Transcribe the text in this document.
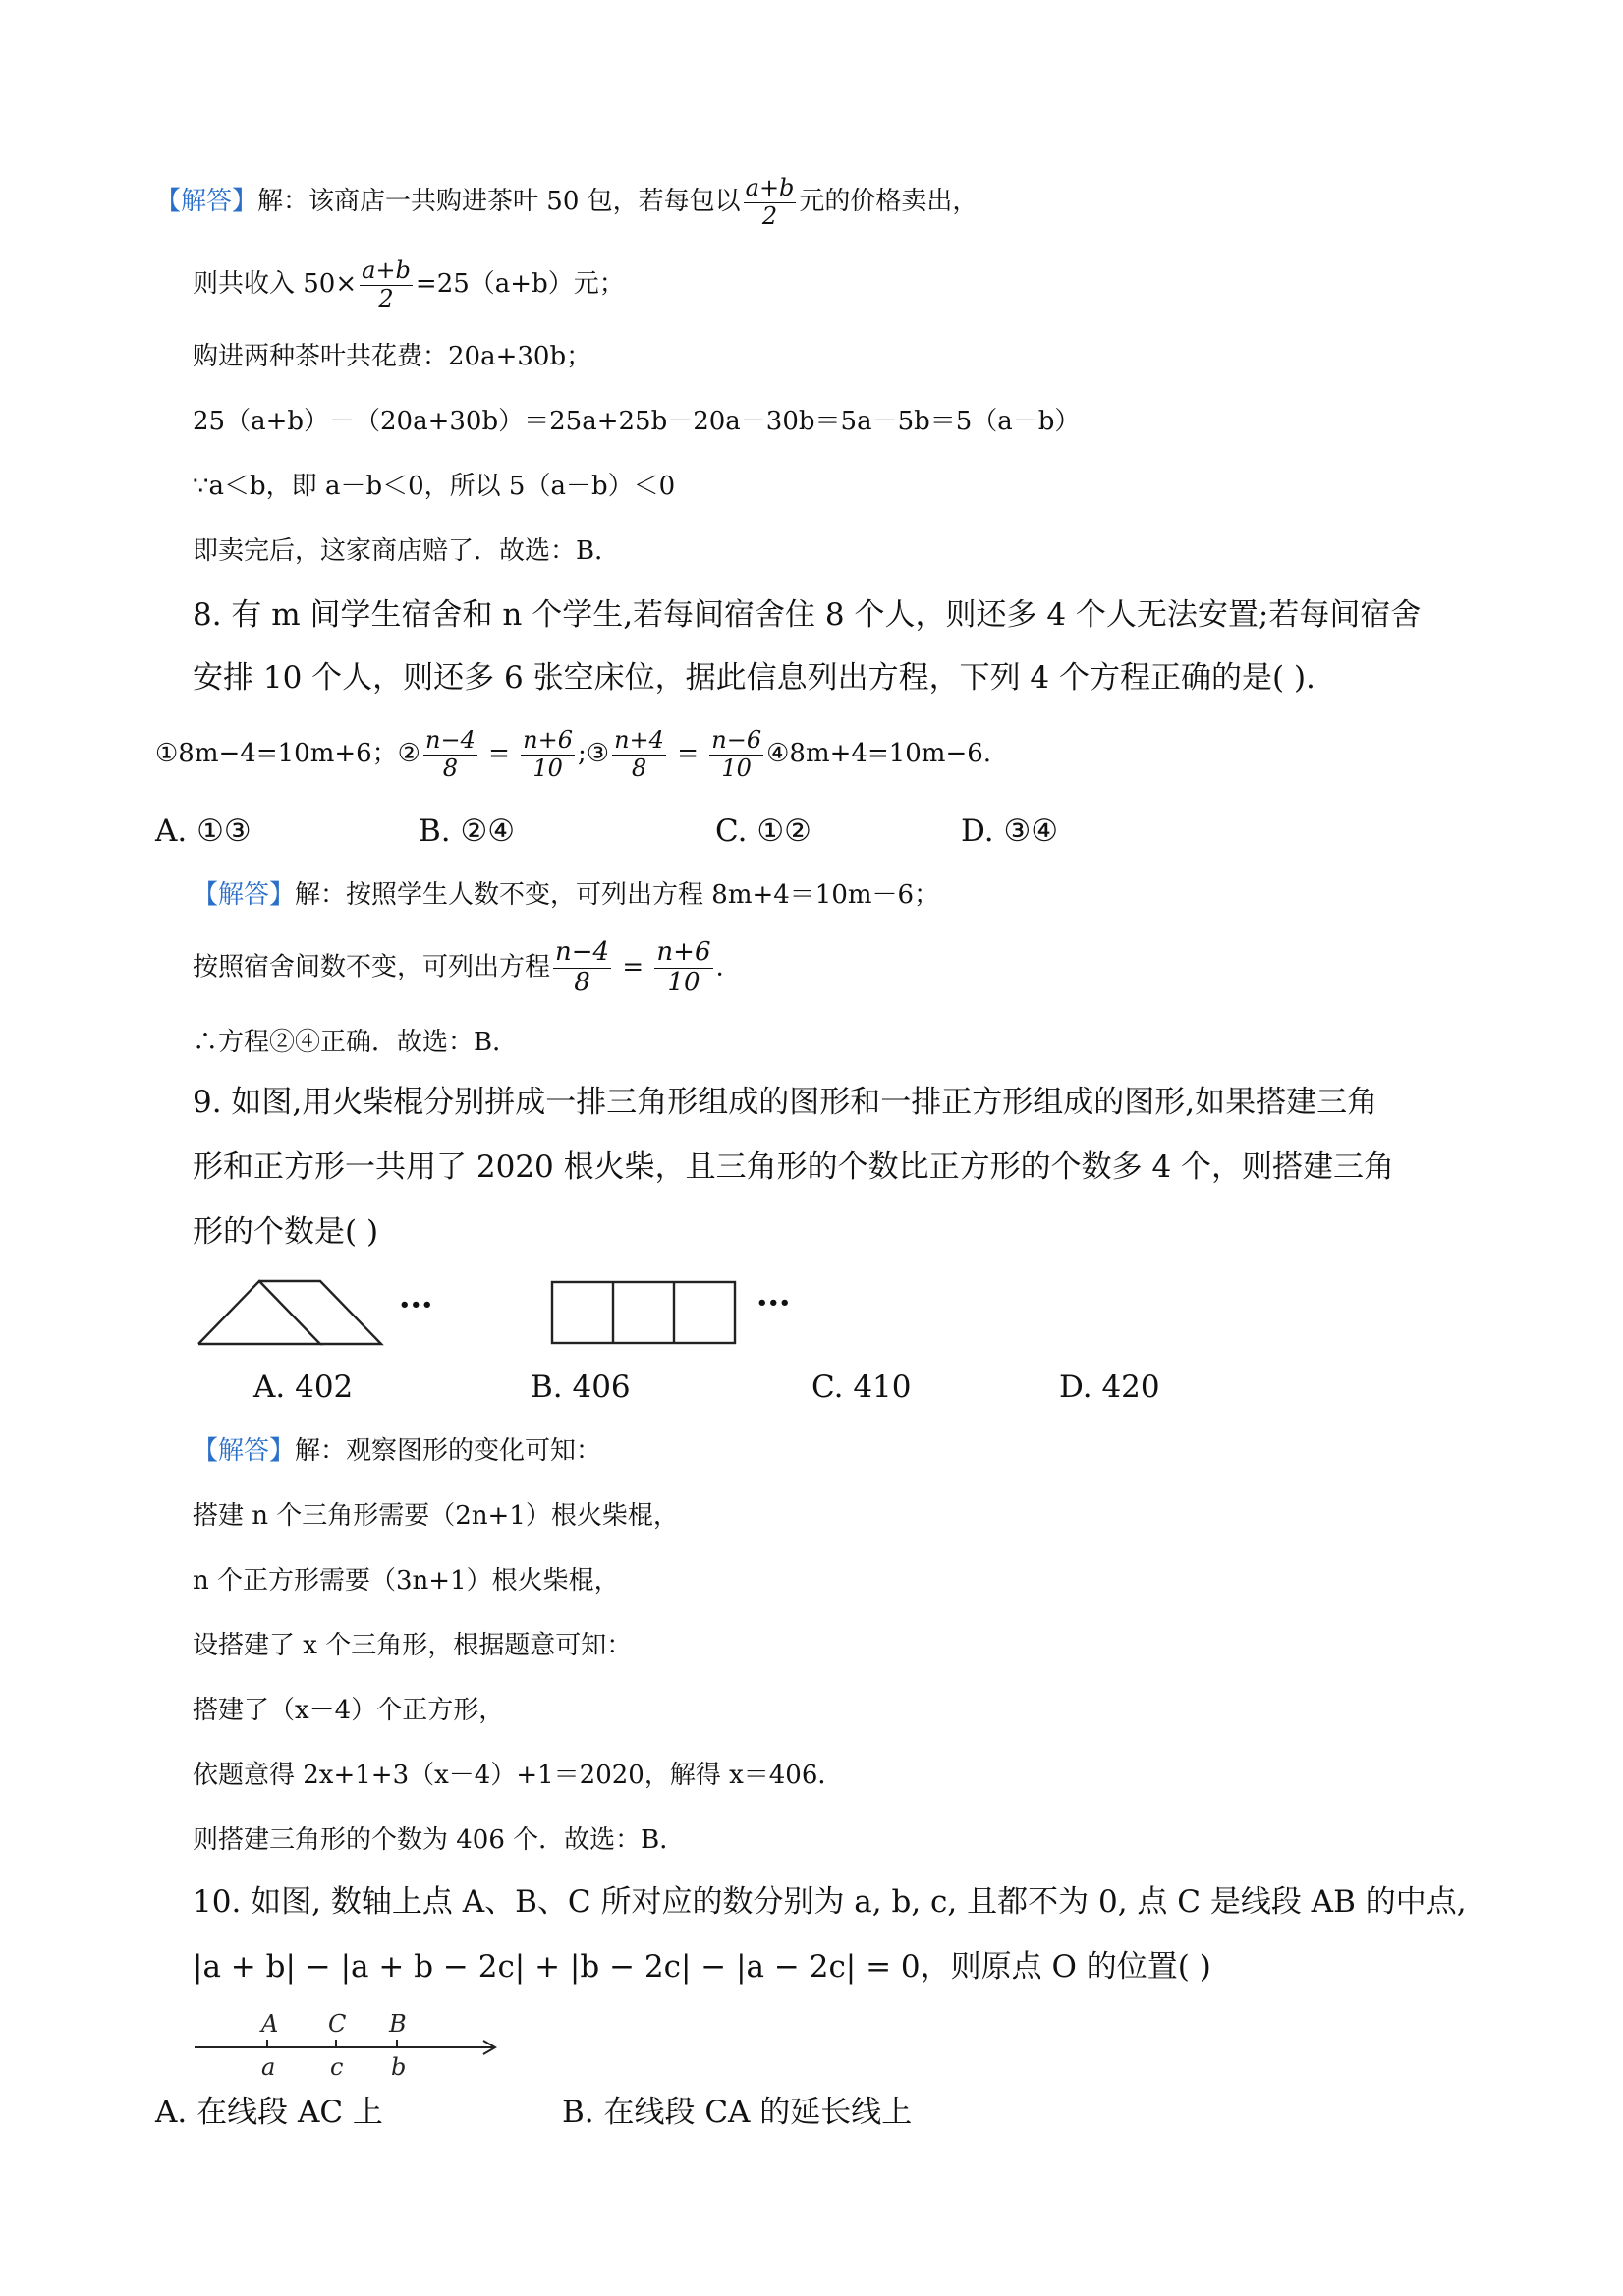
【解答】解：该商店一共购进茶叶 50 包，若每包以 $\frac{a+b}{2}$ 元的价格卖出，
则共收入 $50\times \frac{a+b}{2} =25(a+b)$元；
购进两种茶叶共花费：20a+30b；
25（a+b）－（20a+30b）＝25a+25b－20a－30b＝5a－5b＝5（a－b）
∵a＜b，即 a－b＜0，所以 5（a－b）＜0
即卖完后，这家商店赔了．故选：B．
8. 有 m 间学生宿舍和 n 个学生,若每间宿舍住 8 个人，则还多 4 个人无法安置;若每间宿舍
安排 10 个人，则还多 6 张空床位，据此信息列出方程，下列 4 个方程正确的是( ).
①8m−4=10m+6；② $\frac{n-4}{8} = \frac{n+6}{10}$ ;③ $\frac{n+4}{8} = \frac{n-6}{10}$ ④8m+4=10m−6.
A. ①③	B. ②④	C. ①②	D. ③④
【解答】解：按照学生人数不变，可列出方程 8m+4＝10m－6；
按照宿舍间数不变，可列出方程 $\frac{n-4}{8} = \frac{n+6}{10}$ .
∴方程②④正确．故选：B．
9. 如图,用火柴棍分别拼成一排三角形组成的图形和一排正方形组成的图形,如果搭建三角
形和正方形一共用了 2020 根火柴，且三角形的个数比正方形的个数多 4 个，则搭建三角
形的个数是( )
•••	•••
A. 402	B. 406	C. 410	D. 420
【解答】解：观察图形的变化可知：
搭建 n 个三角形需要（2n+1）根火柴棍，
n 个正方形需要（3n+1）根火柴棍，
设搭建了 x 个三角形，根据题意可知：
搭建了（x－4）个正方形，
依题意得 2x+1+3（x－4）+1＝2020，解得 x＝406．
则搭建三角形的个数为 406 个．故选：B．
10. 如图, 数轴上点 A、B、C 所对应的数分别为 a, b, c, 且都不为 0, 点 C 是线段 AB 的中点,
|a + b| − |a + b − 2c| + |b − 2c| − |a − 2c| = 0，则原点 O 的位置( )
A C B
a c b
A. 在线段 AC 上	B. 在线段 CA 的延长线上
